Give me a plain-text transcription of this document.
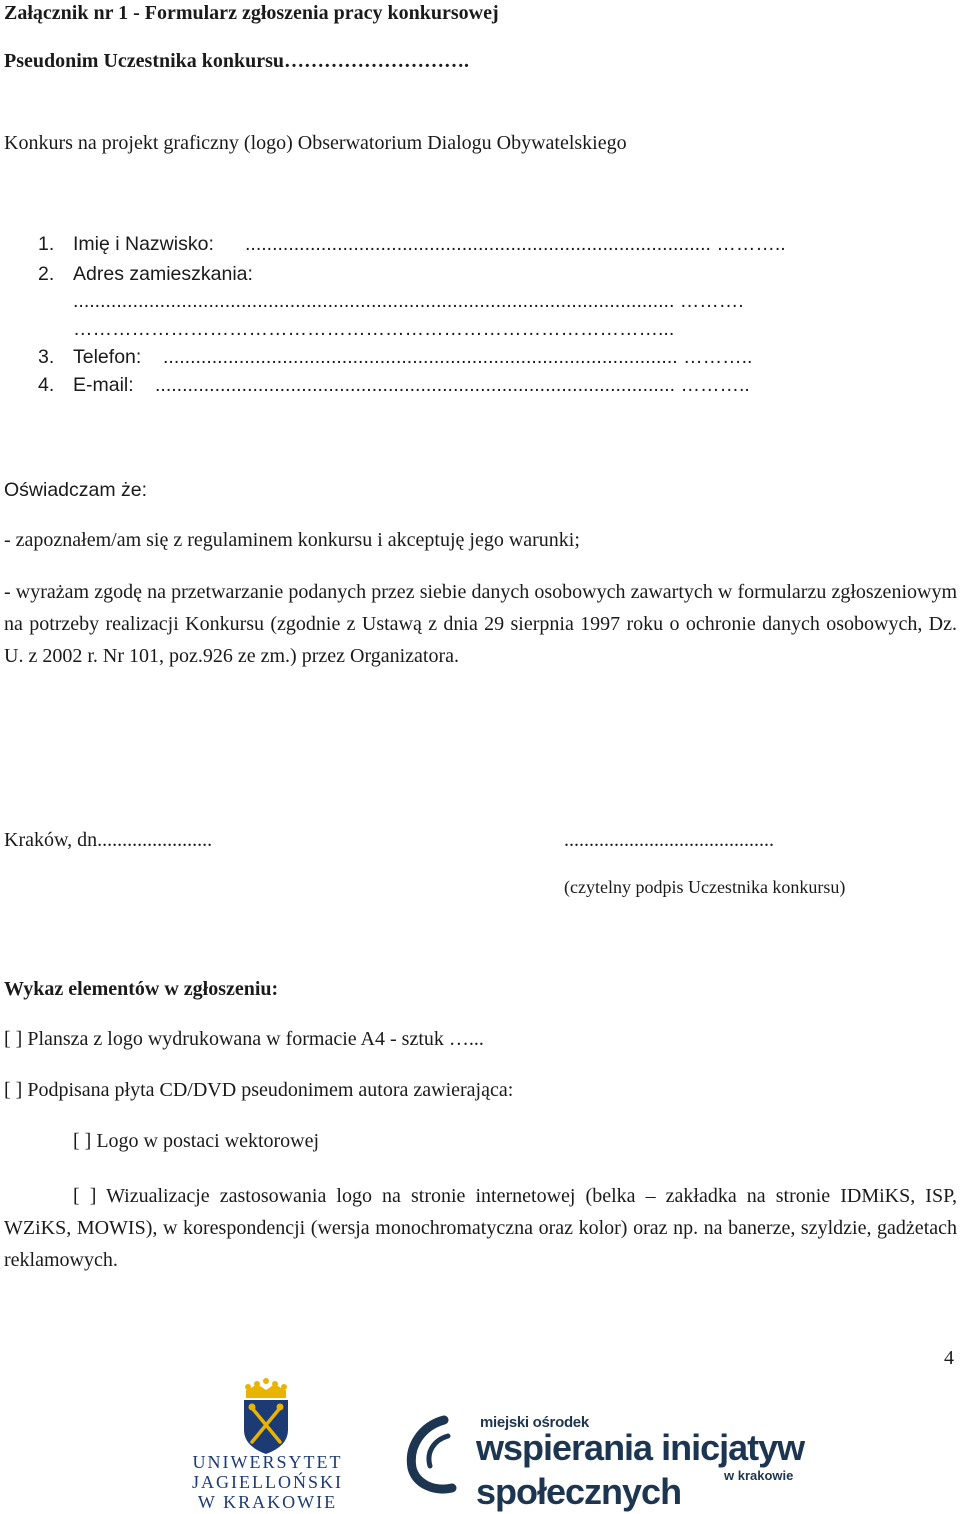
Załącznik nr 1 - Formularz zgłoszenia pracy konkursowej
Pseudonim Uczestnika konkursu……………………….
Konkurs na projekt graficzny (logo) Obserwatorium Dialogu Obywatelskiego
1. Imię i Nazwisko: ...................................................................................... ………..
2. Adres zamieszkania:
............................................................................................................... ……….
………………………………………………………………………………...
3. Telefon: ............................................................................................... ………..
4. E-mail: ................................................................................................ ………..
Oświadczam że:
- zapoznałem/am się z regulaminem konkursu i akceptuję jego warunki;
- wyrażam zgodę na przetwarzanie podanych przez siebie danych osobowych zawartych w formularzu zgłoszeniowym na potrzeby realizacji Konkursu (zgodnie z Ustawą z dnia 29 sierpnia 1997 roku o ochronie danych osobowych, Dz. U. z 2002 r. Nr 101, poz.926 ze zm.) przez Organizatora.
Kraków, dn.......................	..........................................
(czytelny podpis Uczestnika konkursu)
Wykaz elementów w zgłoszeniu:
[ ] Plansza z logo wydrukowana w formacie A4 - sztuk …...
[ ] Podpisana płyta CD/DVD pseudonimem autora zawierająca:
[ ] Logo w postaci wektorowej
[ ] Wizualizacje zastosowania logo na stronie internetowej (belka – zakładka na stronie IDMiKS, ISP, WZiKS, MOWIS), w korespondencji (wersja monochromatyczna oraz kolor) oraz np. na banerze, szyldzie, gadżetach reklamowych.
4
UNIWERSYTET JAGIELLOŃSKI
W KRAKOWIE
miejski ośrodek
wspierania inicjatyw społecznych	w krakowie
